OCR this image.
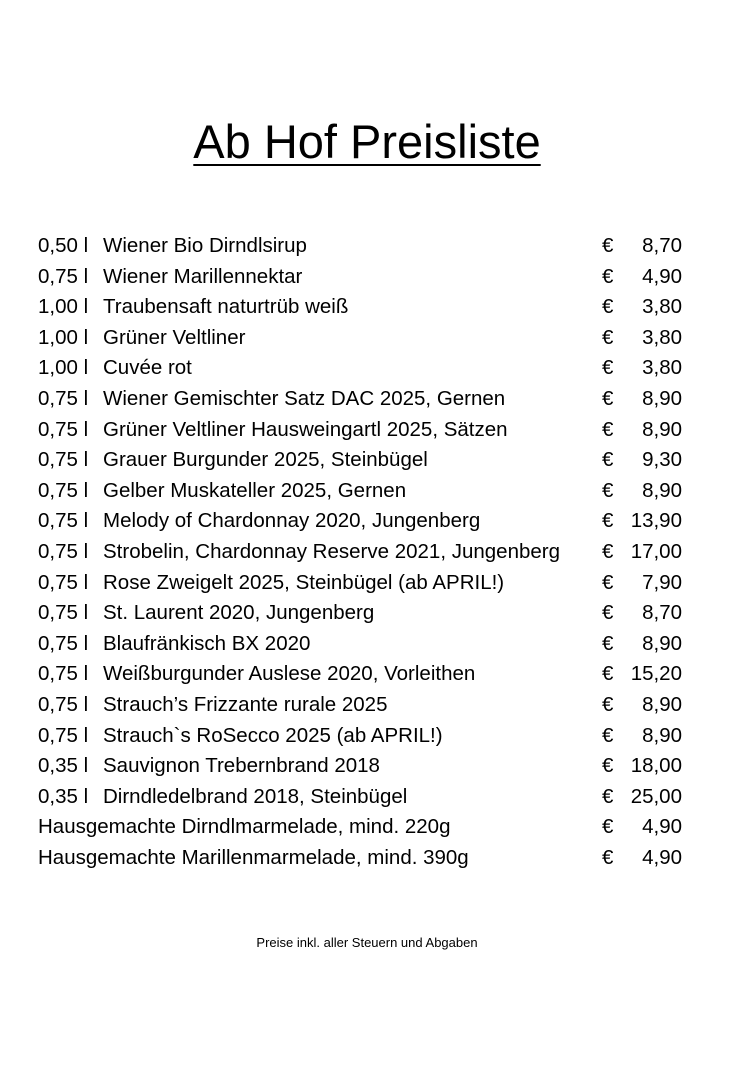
Ab Hof Preisliste
0,50 l Wiener Bio Dirndlsirup	€ 8,70
0,75 l Wiener Marillennektar	€ 4,90
1,00 l Traubensaft naturtrüb weiß	€ 3,80
1,00 l Grüner Veltliner	€ 3,80
1,00 l Cuvée rot	€ 3,80
0,75 l Wiener Gemischter Satz DAC 2025, Gernen	€ 8,90
0,75 l Grüner Veltliner Hausweingartl 2025, Sätzen	€ 8,90
0,75 l Grauer Burgunder 2025, Steinbügel	€ 9,30
0,75 l Gelber Muskateller 2025, Gernen	€ 8,90
0,75 l Melody of Chardonnay 2020, Jungenberg	€ 13,90
0,75 l Strobelin, Chardonnay Reserve 2021, Jungenberg € 17,00
0,75 l Rose Zweigelt 2025, Steinbügel (ab APRIL!)	€ 7,90
0,75 l St. Laurent 2020, Jungenberg	€ 8,70
0,75 l Blaufränkisch BX 2020	€ 8,90
0,75 l Weißburgunder Auslese 2020, Vorleithen	€ 15,20
0,75 l Strauch’s Frizzante rurale 2025	€ 8,90
0,75 l Strauch`s RoSecco 2025 (ab APRIL!)	€ 8,90
0,35 l Sauvignon Trebernbrand 2018	€ 18,00
0,35 l Dirndledelbrand 2018, Steinbügel	€ 25,00
Hausgemachte Dirndlmarmelade, mind. 220g	€ 4,90
Hausgemachte Marillenmarmelade, mind. 390g	€ 4,90
Preise inkl. aller Steuern und Abgaben
